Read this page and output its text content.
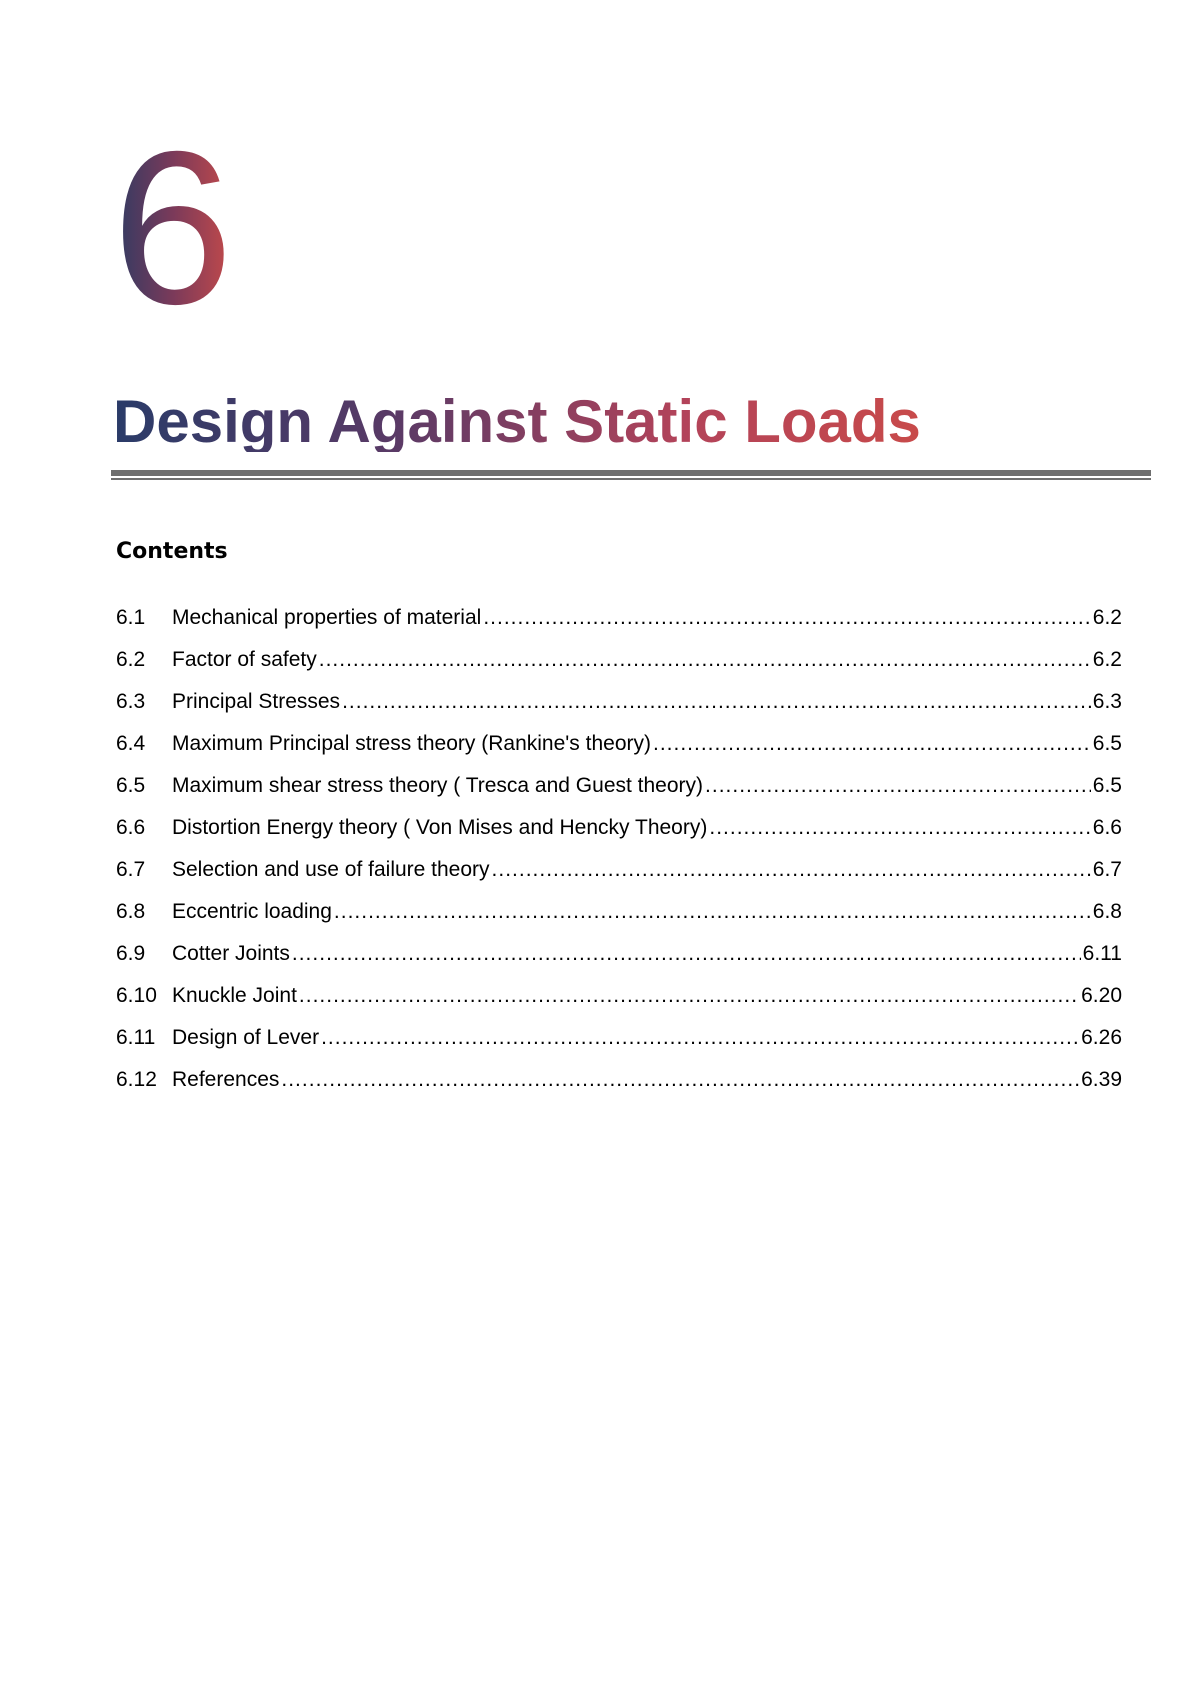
6
Design Against Static Loads
Contents
6.1	Mechanical properties of material .....	6.2
6.2	Factor of safety .....	6.2
6.3	Principal Stresses .....	6.3
6.4	Maximum Principal stress theory (Rankine's theory) .....	6.5
6.5	Maximum shear stress theory ( Tresca and Guest theory) .....	6.5
6.6	Distortion Energy theory ( Von Mises and Hencky Theory) .....	6.6
6.7	Selection and use of failure theory .....	6.7
6.8	Eccentric loading .....	6.8
6.9	Cotter Joints .....	6.11
6.10 Knuckle Joint .....	6.20
6.11 Design of Lever .....	6.26
6.12 References .....	6.39
